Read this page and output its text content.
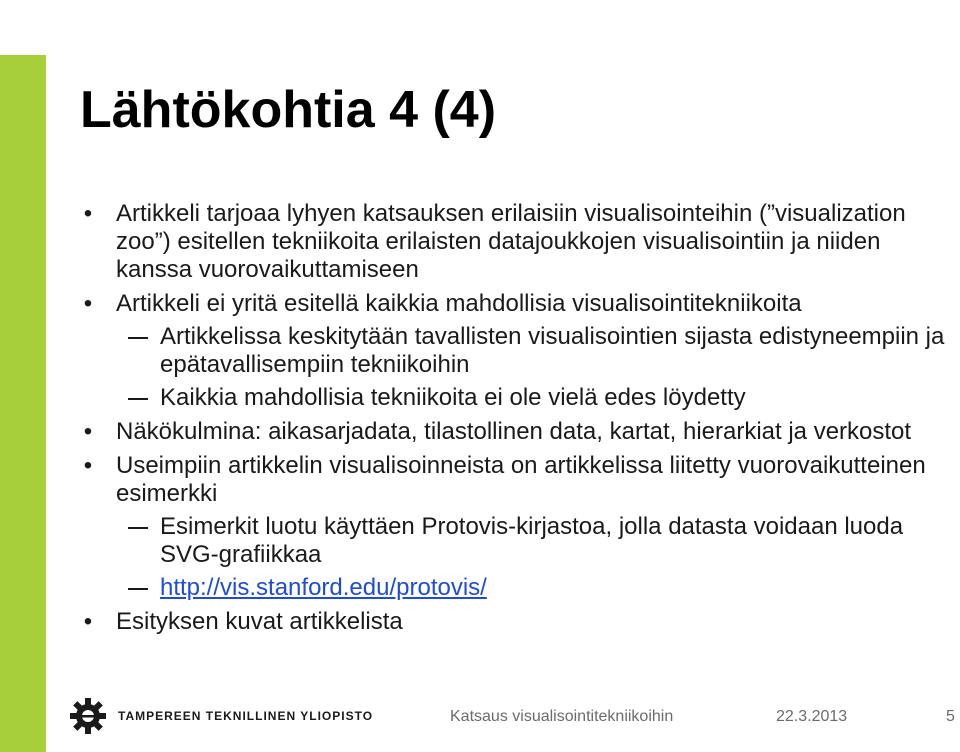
Lähtökohtia 4 (4)
• Artikkeli tarjoaa lyhyen katsauksen erilaisiin visualisointeihin (”visualization zoo”) esitellen tekniikoita erilaisten datajoukkojen visualisointiin ja niiden kanssa vuorovaikuttamiseen
• Artikkeli ei yritä esitellä kaikkia mahdollisia visualisointitekniikoita
Artikkelissa keskitytään tavallisten visualisointien sijasta edistyneempiin ja epätavallisempiin tekniikoihin
Kaikkia mahdollisia tekniikoita ei ole vielä edes löydetty
• Näkökulmina: aikasarjadata, tilastollinen data, kartat, hierarkiat ja verkostot
• Useimpiin artikkelin visualisoinneista on artikkelissa liitetty vuorovaikutteinen esimerkki
Esimerkit luotu käyttäen Protovis-kirjastoa, jolla datasta voidaan luoda SVG-grafiikkaa
http://vis.stanford.edu/protovis/
• Esityksen kuvat artikkelista
TAMPEREEN TEKNILLINEN YLIOPISTO	Katsaus visualisointitekniikoihin	22.3.2013	5
